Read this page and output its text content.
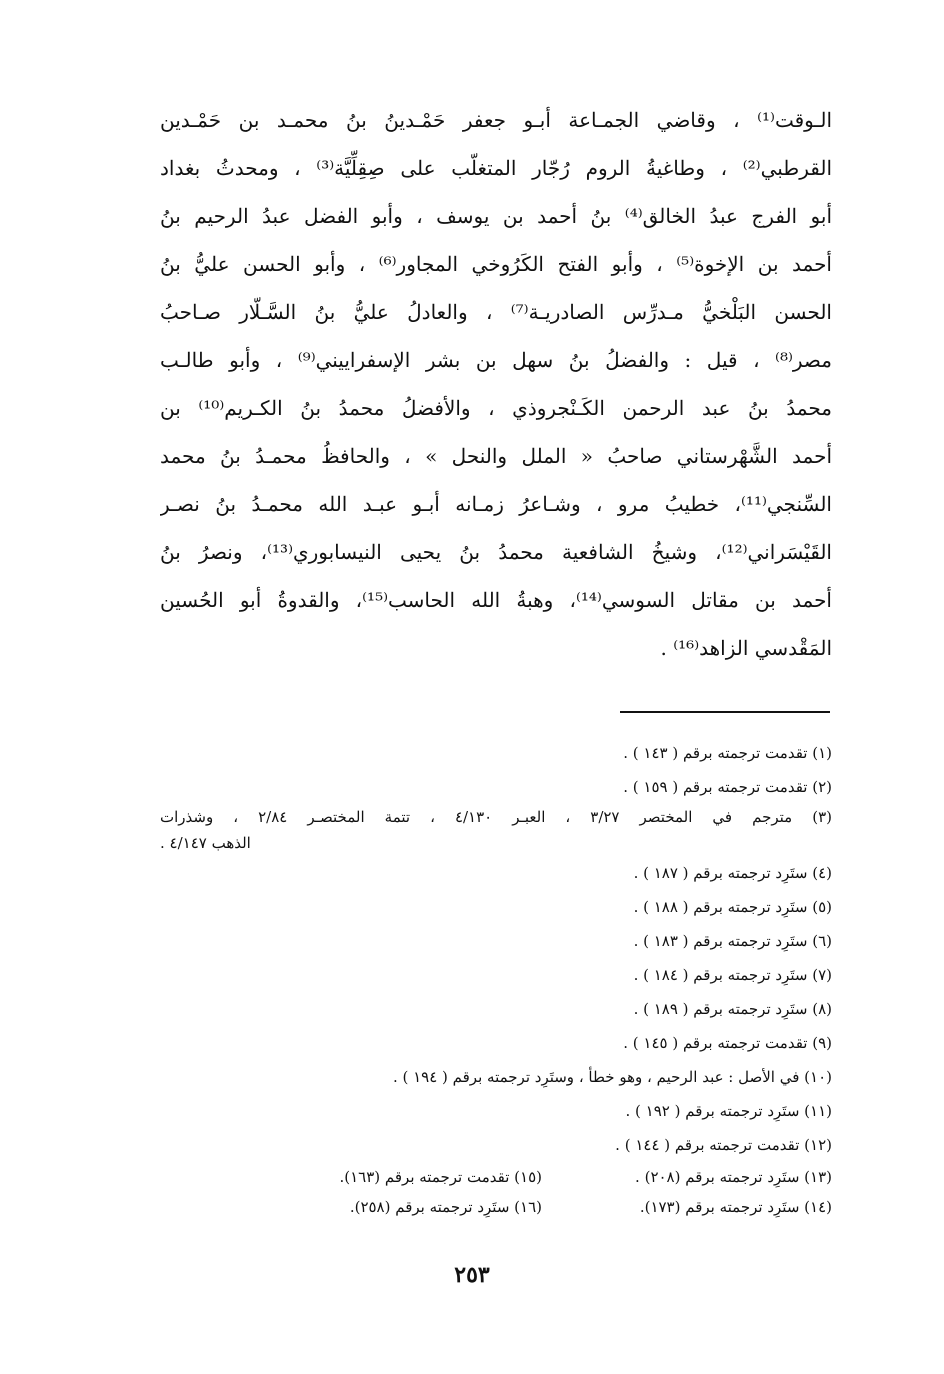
الـوقت⁽¹⁾ ، وقاضي الجمـاعة أبـو جعفر حَمْـدينُ بنُ محمـد بن حَمْـدين
القرطبي⁽²⁾ ، وطاغيةُ الروم رُجّار المتغلّب على صِقِلِّيَّة⁽³⁾ ، ومحدثُ بغداد
أبو الفرج عبدُ الخالق⁽⁴⁾ بنُ أحمد بن يوسف ، وأبو الفضل عبدُ الرحيم بنُ
أحمد بن الإخوة⁽⁵⁾ ، وأبو الفتح الكَرُوخي المجاور⁽⁶⁾ ، وأبو الحسن عليُّ بنُ
الحسن البَلْخيُّ مـدرِّس الصادريـة⁽⁷⁾ ، والعادلُ عليُّ بنُ السَّـلّار صـاحبُ
مصر⁽⁸⁾ ، قيل : والفضلُ بنُ سهل بن بشر الإسفراييني⁽⁹⁾ ، وأبو طالـب
محمدُ بنُ عبد الرحمن الكَـنْجروذي ، والأفضلُ محمدُ بنُ الكـريم⁽¹⁰⁾ بن
أحمد الشَّهْرستاني صاحبُ « الملل والنحل » ، والحافظُ محمـدُ بنُ محمد
السِّنجي⁽¹¹⁾، خطيبُ مرو ، وشـاعرُ زمـانه أبـو عبـد الله محمـدُ بنُ نصـر
القَيْسَراني⁽¹²⁾، وشيخُ الشافعية محمدُ بنُ يحيى النيسابوري⁽¹³⁾، ونصرُ بنُ
أحمد بن مقاتل السوسي⁽¹⁴⁾، وهبةُ الله الحاسب⁽¹⁵⁾، والقدوةُ أبو الحُسين
المَقْدسي الزاهد⁽¹⁶⁾ .
(١) تقدمت ترجمته برقم ( ١٤٣ ) .
(٢) تقدمت ترجمته برقم ( ١٥٩ ) .
(٣) مترجم في المختصر ٣/٢٧ ، العبـر ٤/١٣٠ ، تتمة المختصـر ٢/٨٤ ، وشذرات
الذهب ٤/١٤٧ .
(٤) ستَرِد ترجمته برقم ( ١٨٧ ) .
(٥) ستَرِد ترجمته برقم ( ١٨٨ ) .
(٦) ستَرِد ترجمته برقم ( ١٨٣ ) .
(٧) ستَرِد ترجمته برقم ( ١٨٤ ) .
(٨) ستَرِد ترجمته برقم ( ١٨٩ ) .
(٩) تقدمت ترجمته برقم ( ١٤٥ ) .
(١٠) في الأصل : عبد الرحيم ، وهو خطأ ، وستَرِد ترجمته برقم ( ١٩٤ ) .
(١١) ستَرِد ترجمته برقم ( ١٩٢ ) .
(١٢) تقدمت ترجمته برقم ( ١٤٤ ) .
(١٣) ستَرِد ترجمته برقم (٢٠٨) .
(١٥) تقدمت ترجمته برقم (١٦٣).
(١٤) ستَرِد ترجمته برقم (١٧٣).
(١٦) ستَرِد ترجمته برقم (٢٥٨).
٢٥٣
